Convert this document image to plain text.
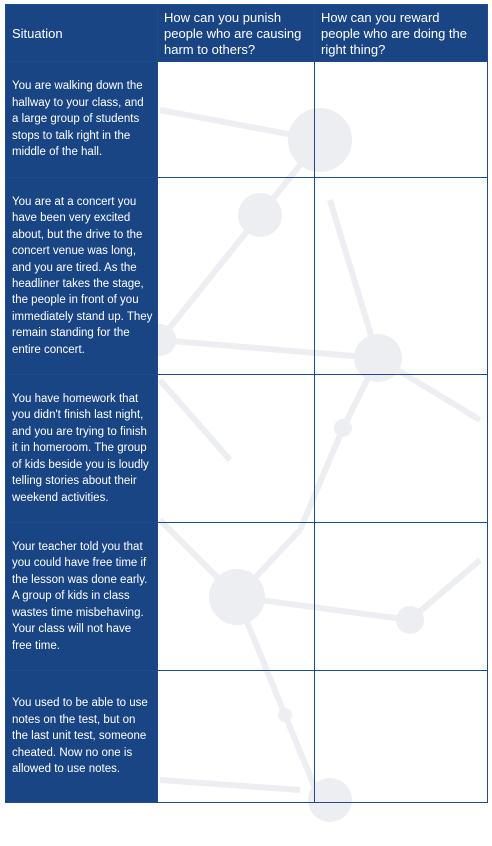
Situation	How can you punish people who are causing harm to others?	How can you reward people who are doing the right thing?

You are walking down the hallway to your class, and a large group of students stops to talk right in the middle of the hall.		

You are at a concert you have been very excited about, but the drive to the concert venue was long, and you are tired. As the headliner takes the stage, the people in front of you immediately stand up. They remain standing for the entire concert.		

You have homework that you didn't finish last night, and you are trying to finish it in homeroom. The group of kids beside you is loudly telling stories about their weekend activities.		

Your teacher told you that you could have free time if the lesson was done early. A group of kids in class wastes time misbehaving. Your class will not have free time.		

You used to be able to use notes on the test, but on the last unit test, someone cheated. Now no one is allowed to use notes.		
